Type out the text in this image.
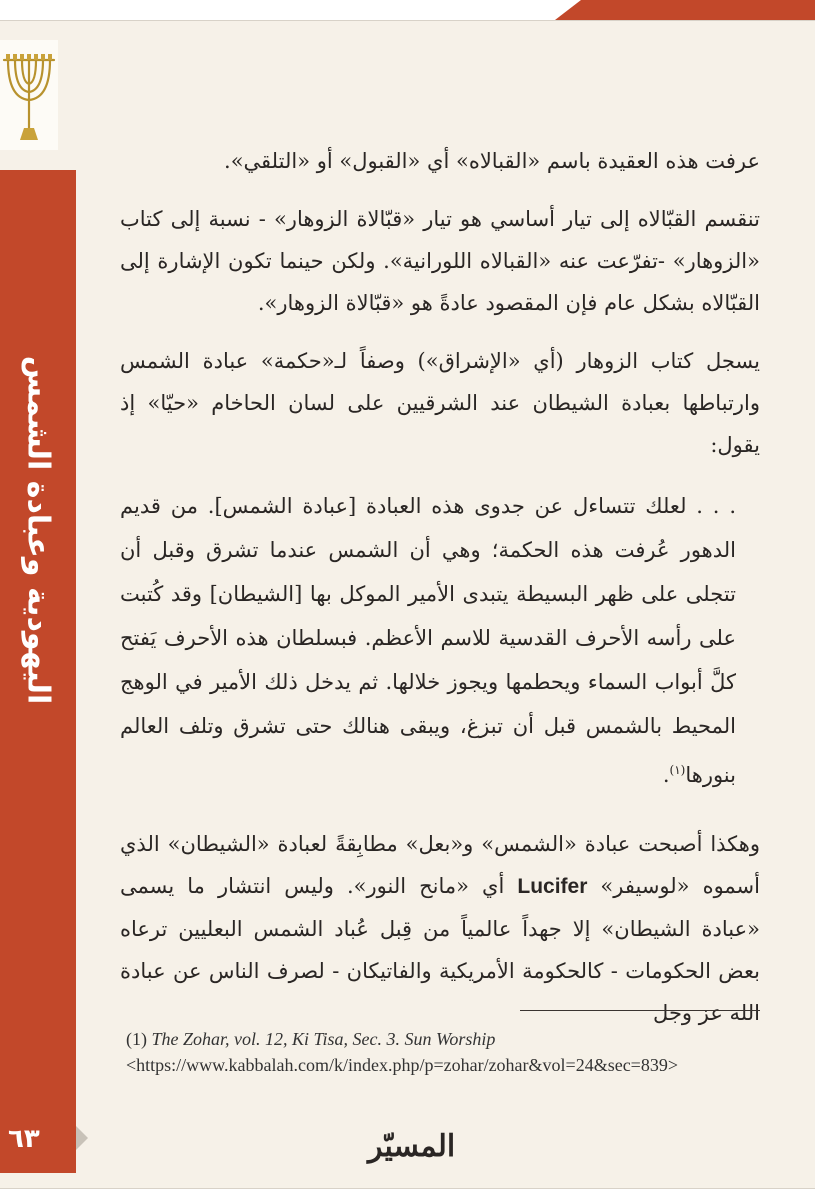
اليهودية وعبادة الشمس
٦٣

عرفت هذه العقيدة باسم «القبالاه» أي «القبول» أو «التلقي».

تنقسم القبّالاه إلى تيار أساسي هو تيار «قبّالاة الزوهار» - نسبة إلى كتاب «الزوهار» -تفرّعت عنه «القبالاه اللورانية». ولكن حينما تكون الإشارة إلى القبّالاه بشكل عام فإن المقصود عادةً هو «قبّالاة الزوهار».

يسجل كتاب الزوهار (أي «الإشراق») وصفاً لـ«حكمة» عبادة الشمس وارتباطها بعبادة الشيطان عند الشرقيين على لسان الحاخام «حيّا» إذ يقول:

. . . لعلك تتساءل عن جدوى هذه العبادة [عبادة الشمس]. من قديم الدهور عُرفت هذه الحكمة؛ وهي أن الشمس عندما تشرق وقبل أن تتجلى على ظهر البسيطة يتبدى الأمير الموكل بها [الشيطان] وقد كُتبت على رأسه الأحرف القدسية للاسم الأعظم. فبسلطان هذه الأحرف يَفتح كلَّ أبواب السماء ويحطمها ويجوز خلالها. ثم يدخل ذلك الأمير في الوهج المحيط بالشمس قبل أن تبزغ، ويبقى هنالك حتى تشرق وتلف العالم بنورها$^{(١)}$.

وهكذا أصبحت عبادة «الشمس» و«بعل» مطابِقةً لعبادة «الشيطان» الذي أسموه «لوسيفر» Lucifer أي «مانح النور». وليس انتشار ما يسمى «عبادة الشيطان» إلا جهداً عالمياً من قِبل عُباد الشمس البعليين ترعاه بعض الحكومات - كالحكومة الأمريكية والفاتيكان - لصرف الناس عن عبادة الله عز وجل

(1) The Zohar, vol. 12, Ki Tisa, Sec. 3. Sun Worship
<https://www.kabbalah.com/k/index.php/p=zohar/zohar&vol=24&sec=839>
المسيّر
